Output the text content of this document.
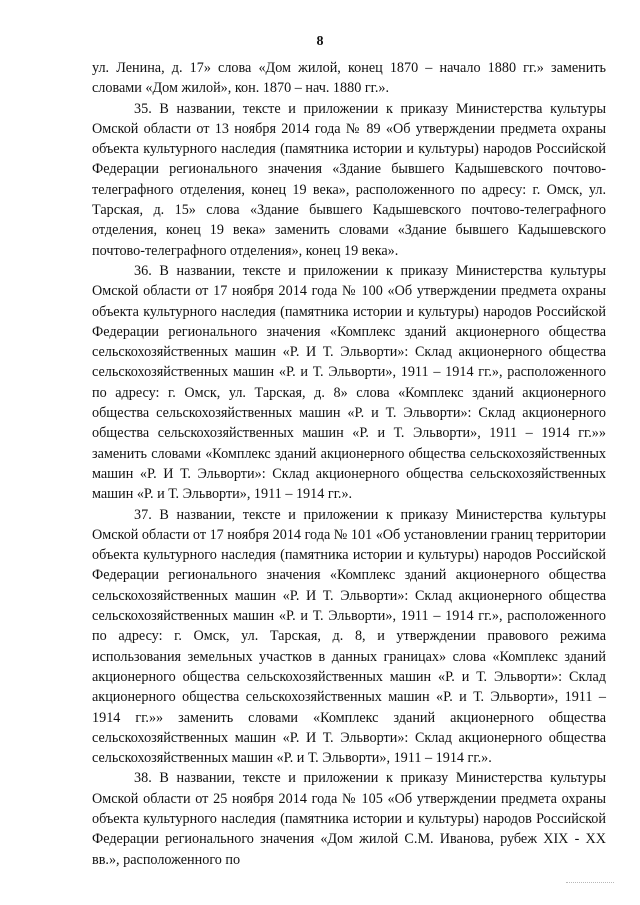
8

ул. Ленина, д. 17» слова «Дом жилой, конец 1870 – начало 1880 гг.» заменить словами «Дом жилой», кон. 1870 – нач. 1880 гг.».

35. В названии, тексте и приложении к приказу Министерства культуры Омской области от 13 ноября 2014 года № 89 «Об утверждении предмета охраны объекта культурного наследия (памятника истории и культуры) народов Российской Федерации регионального значения «Здание бывшего Кадышевского почтово-телеграфного отделения, конец 19 века», расположенного по адресу: г. Омск, ул. Тарская, д. 15» слова «Здание бывшего Кадышевского почтово-телеграфного отделения, конец 19 века» заменить словами «Здание бывшего Кадышевского почтово-телеграфного отделения», конец 19 века».

36. В названии, тексте и приложении к приказу Министерства культуры Омской области от 17 ноября 2014 года № 100 «Об утверждении предмета охраны объекта культурного наследия (памятника истории и культуры) народов Российской Федерации регионального значения «Комплекс зданий акционерного общества сельскохозяйственных машин «Р. И Т. Эльворти»: Склад акционерного общества сельскохозяйственных машин «Р. и Т. Эльворти», 1911 – 1914 гг.», расположенного по адресу: г. Омск, ул. Тарская, д. 8» слова «Комплекс зданий акционерного общества сельскохозяйственных машин «Р. и Т. Эльворти»: Склад акционерного общества сельскохозяйственных машин «Р. и Т. Эльворти», 1911 – 1914 гг.»» заменить словами «Комплекс зданий акционерного общества сельскохозяйственных машин «Р. И Т. Эльворти»: Склад акционерного общества сельскохозяйственных машин «Р. и Т. Эльворти», 1911 – 1914 гг.».

37. В названии, тексте и приложении к приказу Министерства культуры Омской области от 17 ноября 2014 года № 101 «Об установлении границ территории объекта культурного наследия (памятника истории и культуры) народов Российской Федерации регионального значения «Комплекс зданий акционерного общества сельскохозяйственных машин «Р. И Т. Эльворти»: Склад акционерного общества сельскохозяйственных машин «Р. и Т. Эльворти», 1911 – 1914 гг.», расположенного по адресу: г. Омск, ул. Тарская, д. 8, и утверждении правового режима использования земельных участков в данных границах» слова «Комплекс зданий акционерного общества сельскохозяйственных машин «Р. и Т. Эльворти»: Склад акционерного общества сельскохозяйственных машин «Р. и Т. Эльворти», 1911 – 1914 гг.»» заменить словами «Комплекс зданий акционерного общества сельскохозяйственных машин «Р. И Т. Эльворти»: Склад акционерного общества сельскохозяйственных машин «Р. и Т. Эльворти», 1911 – 1914 гг.».

38. В названии, тексте и приложении к приказу Министерства культуры Омской области от 25 ноября 2014 года № 105 «Об утверждении предмета охраны объекта культурного наследия (памятника истории и культуры) народов Российской Федерации регионального значения «Дом жилой С.М. Иванова, рубеж XIX - XX вв.», расположенного по
